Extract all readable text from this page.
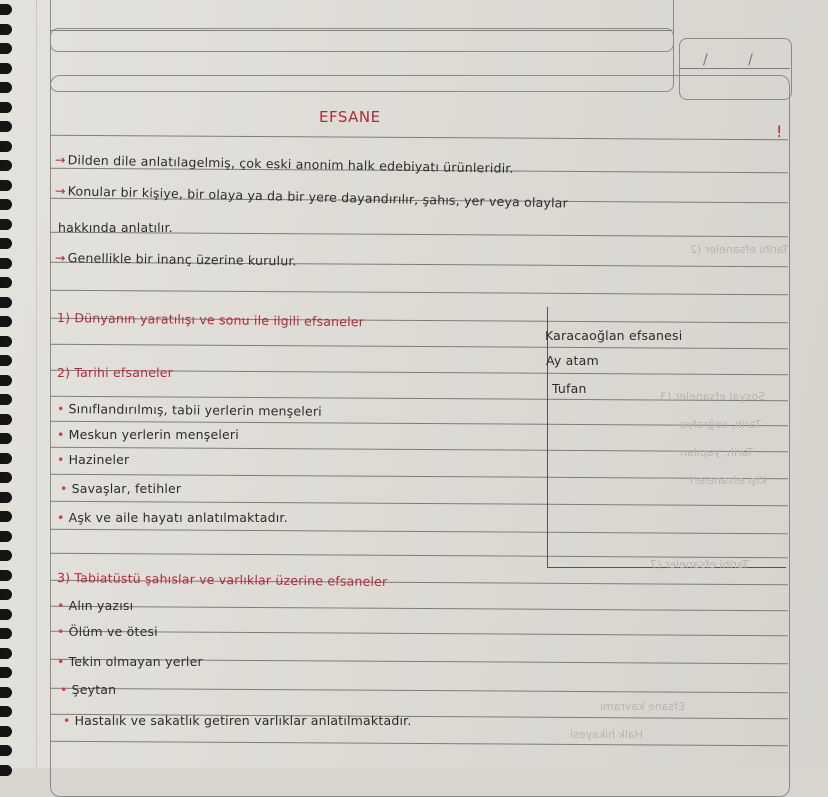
/ /
EFSANE
!
→ Dilden dile anlatılagelmiş, çok eski anonim halk edebiyatı ürünleridir.
→ Konular bir kişiye, bir olaya ya da bir yere dayandırılır, şahıs, yer veya olaylar
hakkında anlatılır.
→ Genellikle bir inanç üzerine kurulur.
1) Dünyanın yaratılışı ve sonu ile ilgili efsaneler
2) Tarihi efsaneler
• Sınıflandırılmış, tabii yerlerin menşeleri
• Meskun yerlerin menşeleri
• Hazineler
• Savaşlar, fetihler
• Aşk ve aile hayatı anlatılmaktadır.
Karacaoğlan efsanesi
Ay atam
Tufan
3) Tabiatüstü şahıslar ve varlıklar üzerine efsaneler
• Alın yazısı
• Ölüm ve ötesi
• Tekin olmayan yerler
• Şeytan
• Hastalık ve sakatlık getiren varlıklar anlatılmaktadır.
Tarihi efsaneler (2
Sosyal efsaneler (3
Tarih, coğrafya
Tarih, yapılan
Kişi efsaneleri
Tarihi efsaneler (7
Efsane kavramı
Halk hikayesi
